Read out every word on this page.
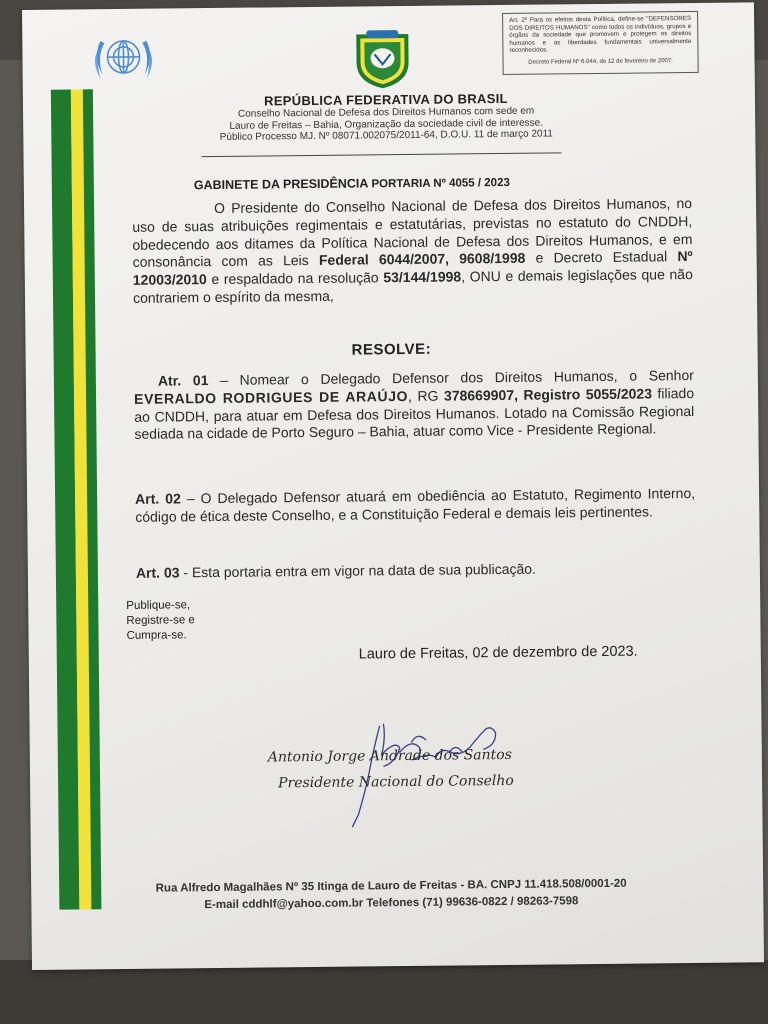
Art. 2º Para os efeitos desta Política, define-se "DEFENSORES DOS DIREITOS HUMANOS" como todos os indivíduos, grupos e órgãos da sociedade que promovem e protegem os direitos humanos e as liberdades fundamentais universalmente reconhecidos.
Decreto Federal Nº 6.044, de 12 de fevereiro de 2007.
REPÚBLICA FEDERATIVA DO BRASIL
Conselho Nacional de Defesa dos Direitos Humanos com sede em
Lauro de Freitas – Bahia, Organização da sociedade civil de interesse.
Público Processo MJ. Nº 08071.002075/2011-64, D.O.U. 11 de março 2011
GABINETE DA PRESIDÊNCIA PORTARIA Nº 4055 / 2023
O Presidente do Conselho Nacional de Defesa dos Direitos Humanos, no uso de suas atribuições regimentais e estatutárias, previstas no estatuto do CNDDH, obedecendo aos ditames da Política Nacional de Defesa dos Direitos Humanos, e em consonância com as Leis Federal 6044/2007, 9608/1998 e Decreto Estadual Nº 12003/2010 e respaldado na resolução 53/144/1998, ONU e demais legislações que não contrariem o espírito da mesma,
RESOLVE:
Atr. 01 – Nomear o Delegado Defensor dos Direitos Humanos, o Senhor EVERALDO RODRIGUES DE ARAÚJO, RG 378669907, Registro 5055/2023 filiado ao CNDDH, para atuar em Defesa dos Direitos Humanos. Lotado na Comissão Regional sediada na cidade de Porto Seguro – Bahia, atuar como Vice - Presidente Regional.
Art. 02 – O Delegado Defensor atuará em obediência ao Estatuto, Regimento Interno, código de ética deste Conselho, e a Constituição Federal e demais leis pertinentes.
Art. 03 - Esta portaria entra em vigor na data de sua publicação.
Publique-se,
Registre-se e
Cumpra-se.
Lauro de Freitas, 02 de dezembro de 2023.
Antonio Jorge Andrade dos Santos
Presidente Nacional do Conselho
Rua Alfredo Magalhães Nº 35 Itinga de Lauro de Freitas - BA. CNPJ 11.418.508/0001-20
E-mail cddhlf@yahoo.com.br Telefones (71) 99636-0822 / 98263-7598
